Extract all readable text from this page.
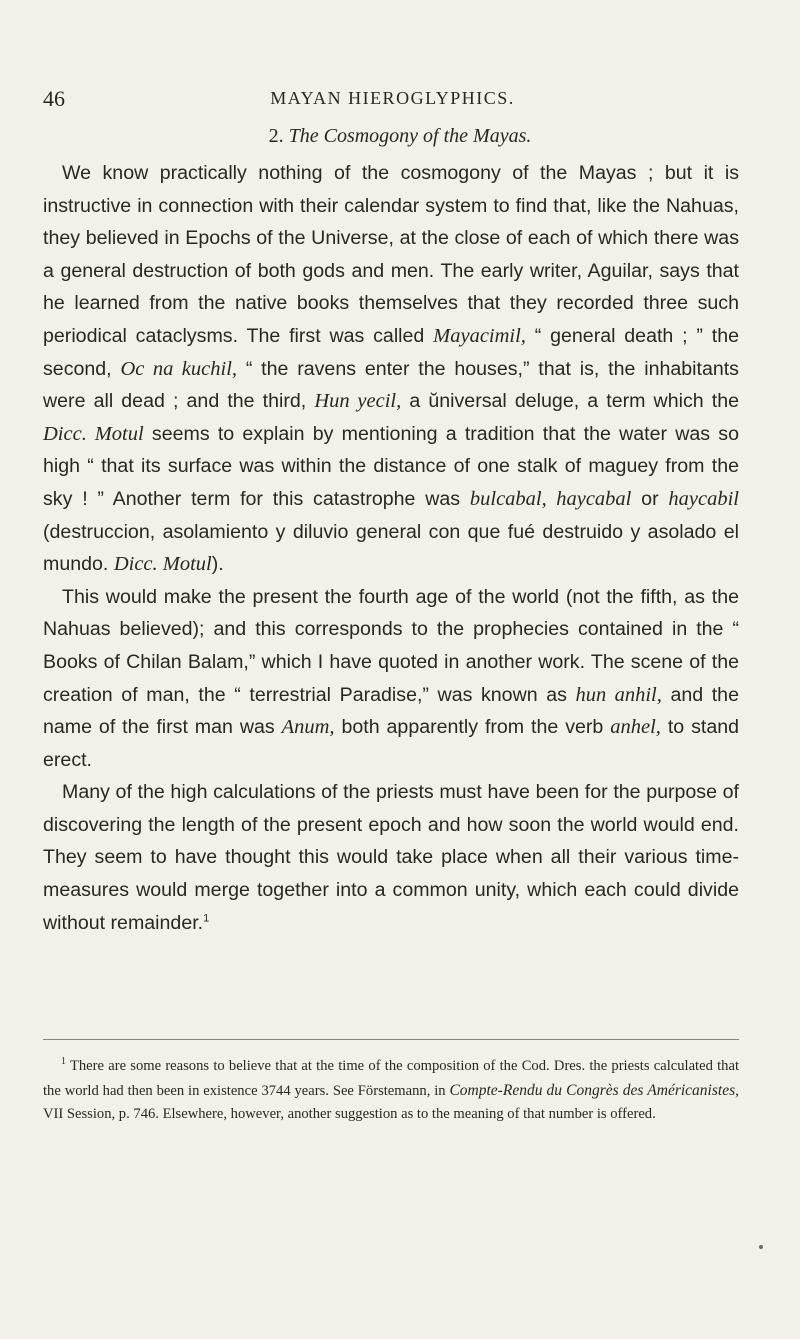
46	MAYAN HIEROGLYPHICS.
2. The Cosmogony of the Mayas.

We know practically nothing of the cosmogony of the Mayas ; but it is instructive in connection with their calendar system to find that, like the Nahuas, they believed in Epochs of the Universe, at the close of each of which there was a general destruction of both gods and men. The early writer, Aguilar, says that he learned from the native books themselves that they recorded three such periodical cataclysms. The first was called Mayacimil, “ general death ; ” the second, Oc na kuchil, “ the ravens enter the houses,” that is, the inhabitants were all dead ; and the third, Hun yecil, a ŭniversal deluge, a term which the Dicc. Motul seems to explain by mentioning a tradition that the water was so high “ that its surface was within the distance of one stalk of maguey from the sky ! ” Another term for this catastrophe was bulcabal, haycabal or haycabil (destruccion, asolamiento y diluvio general con que fué destruido y asolado el mundo. Dicc. Motul).

This would make the present the fourth age of the world (not the fifth, as the Nahuas believed); and this corresponds to the prophecies contained in the “ Books of Chilan Balam,” which I have quoted in another work. The scene of the creation of man, the “ terrestrial Paradise,” was known as hun anhil, and the name of the first man was Anum, both apparently from the verb anhel, to stand erect.

Many of the high calculations of the priests must have been for the purpose of discovering the length of the present epoch and how soon the world would end. They seem to have thought this would take place when all their various time-measures would merge together into a common unity, which each could divide without remainder.$^1$

$^1$ There are some reasons to believe that at the time of the composition of the Cod. Dres. the priests calculated that the world had then been in existence 3744 years. See Förstemann, in Compte-Rendu du Congrès des Américanistes, VII Session, p. 746. Elsewhere, however, another suggestion as to the meaning of that number is offered.
